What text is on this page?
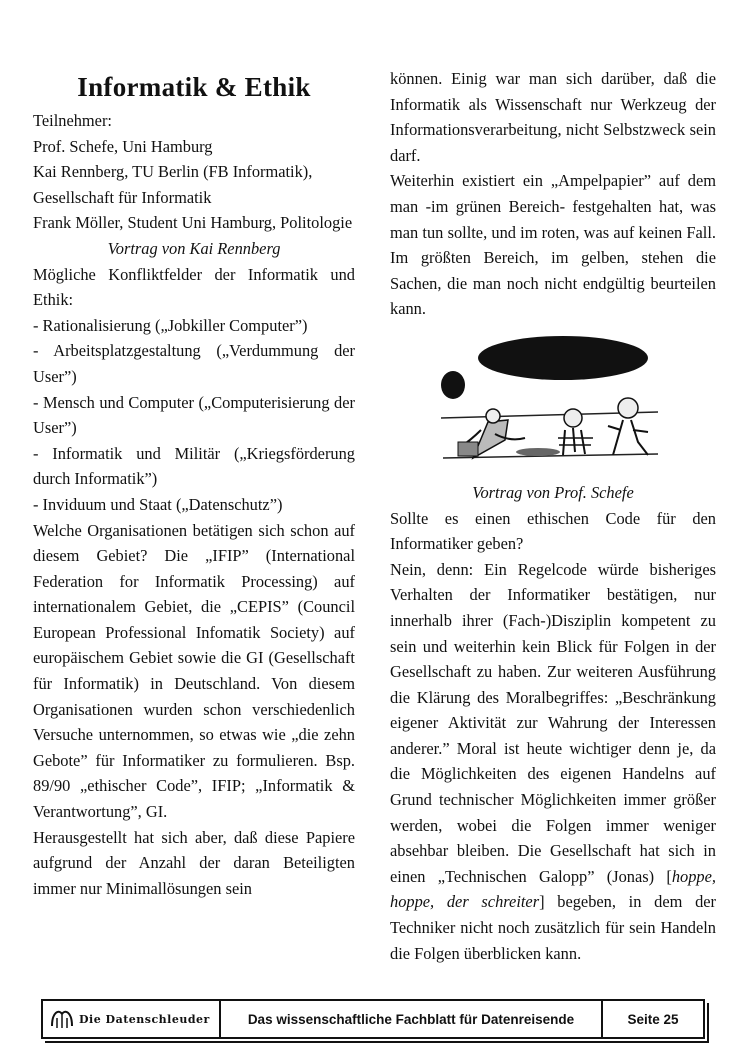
Informatik & Ethik

Teilnehmer:

Prof. Schefe, Uni Hamburg

Kai Rennberg, TU Berlin (FB Informatik), Gesellschaft für Informatik

Frank Möller, Student Uni Hamburg, Politologie

Vortrag von Kai Rennberg

Mögliche Konfliktfelder der Informatik und Ethik:

- Rationalisierung („Jobkiller Computer”)

- Arbeitsplatzgestaltung („Verdummung der User”)

- Mensch und Computer („Computerisierung der User”)

- Informatik und Militär („Kriegsförderung durch Informatik”)

- Inviduum und Staat („Datenschutz”)

Welche Organisationen betätigen sich schon auf diesem Gebiet? Die „IFIP” (International Federation for Informatik Processing) auf internationalem Gebiet, die „CEPIS” (Council European Professional Infomatik Society) auf europäischem Gebiet sowie die GI (Gesellschaft für Informatik) in Deutschland. Von diesem Organisationen wurden schon verschiedenlich Versuche unternommen, so etwas wie „die zehn Gebote” für Informatiker zu formulieren. Bsp. 89/90 „ethischer Code”, IFIP; „Informatik & Verantwortung”, GI.

Herausgestellt hat sich aber, daß diese Papiere aufgrund der Anzahl der daran Beteiligten immer nur Minimallösungen sein

können. Einig war man sich darüber, daß die Informatik als Wissenschaft nur Werkzeug der Informationsverarbeitung, nicht Selbstzweck sein darf.

Weiterhin existiert ein „Ampelpapier” auf dem man -im grünen Bereich- festgehalten hat, was man tun sollte, und im roten, was auf keinen Fall. Im größten Bereich, im gelben, stehen die Sachen, die man noch nicht endgültig beurteilen kann.

Vortrag von Prof. Schefe

Sollte es einen ethischen Code für den Informatiker geben?

Nein, denn: Ein Regelcode würde bisheriges Verhalten der Informatiker bestätigen, nur innerhalb ihrer (Fach-)Disziplin kompetent zu sein und weiterhin kein Blick für Folgen in der Gesellschaft zu haben. Zur weiteren Ausführung die Klärung des Moralbegriffes: „Beschränkung eigener Aktivität zur Wahrung der Interessen anderer.” Moral ist heute wichtiger denn je, da die Möglichkeiten des eigenen Handelns auf Grund technischer Möglichkeiten immer größer werden, wobei die Folgen immer weniger absehbar bleiben. Die Gesellschaft hat sich in einen „Technischen Galopp” (Jonas) [hoppe, hoppe, der schreiter] begeben, in dem der Techniker nicht noch zusätzlich für sein Handeln die Folgen überblicken kann.

Die Datenschleuder	Das wissenschaftliche Fachblatt für Datenreisende	Seite 25
